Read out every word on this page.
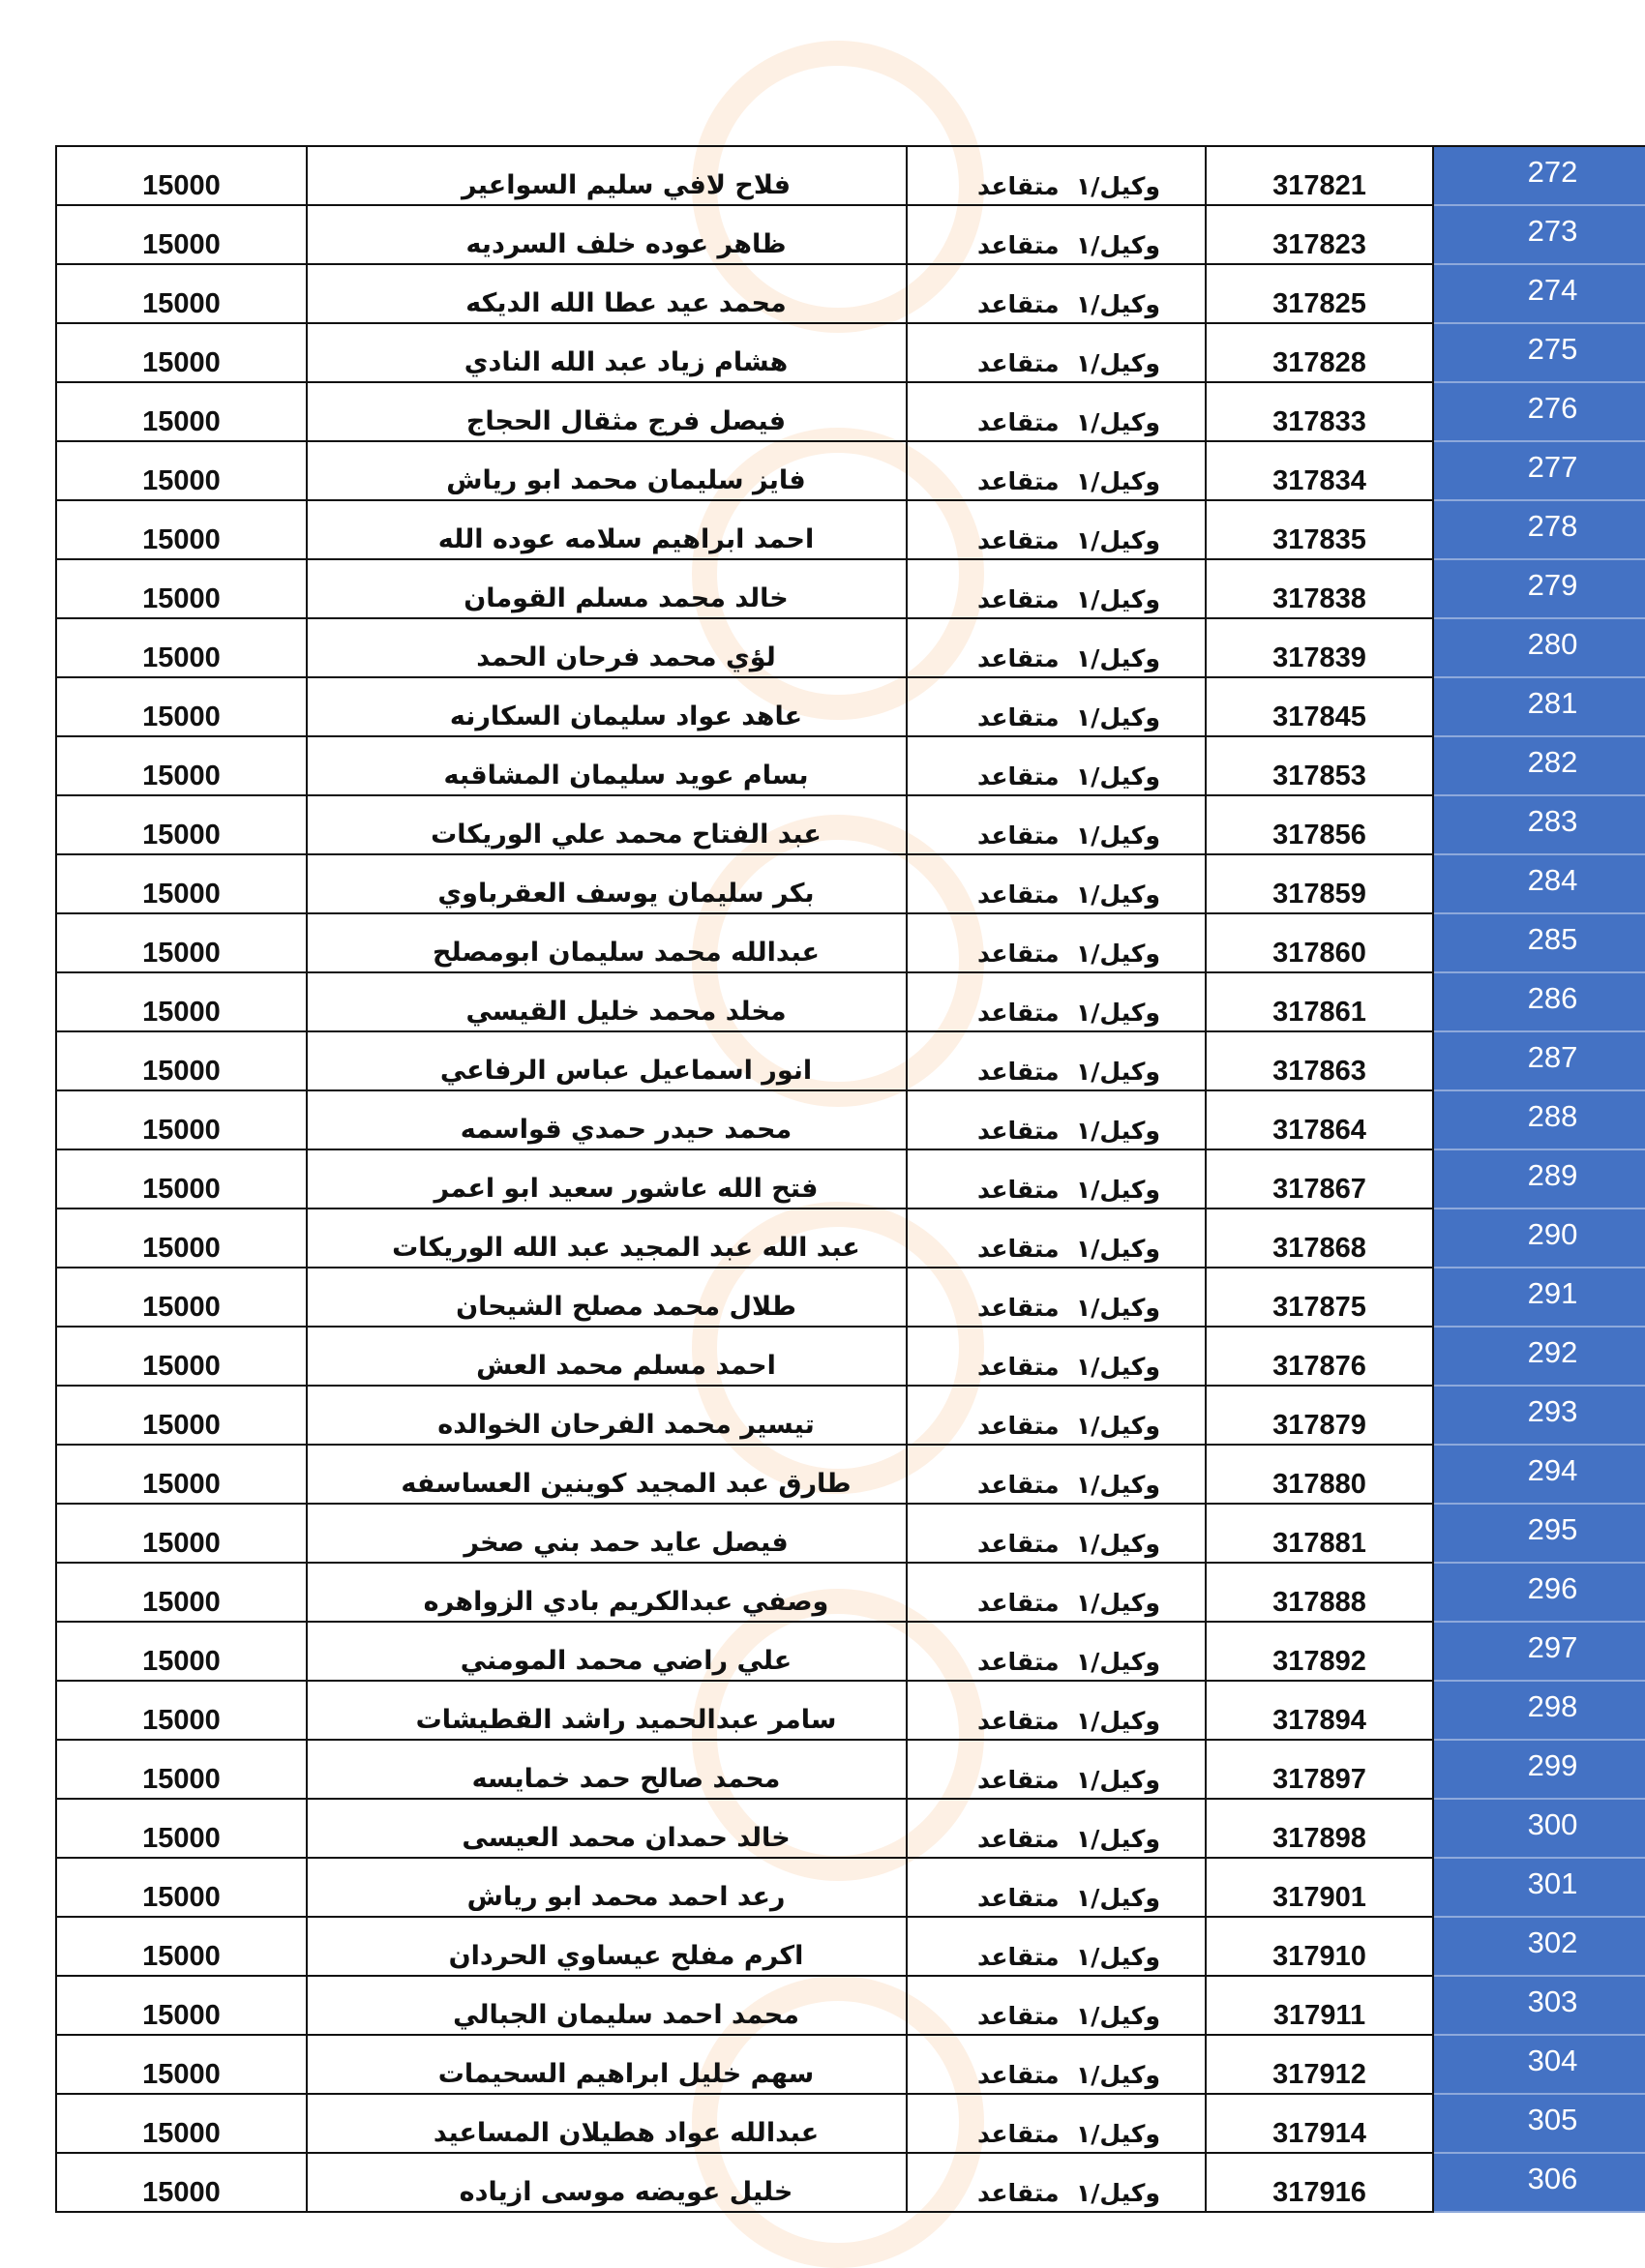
15000	فلاح لافي سليم السواعير	وكيل/١  متقاعد	317821	272
15000	ظاهر عوده خلف السرديه	وكيل/١  متقاعد	317823	273
15000	محمد عيد عطا الله الديكه	وكيل/١  متقاعد	317825	274
15000	هشام زياد عبد الله النادي	وكيل/١  متقاعد	317828	275
15000	فيصل فرج مثقال الحجاج	وكيل/١  متقاعد	317833	276
15000	فايز سليمان محمد ابو رياش	وكيل/١  متقاعد	317834	277
15000	احمد ابراهيم سلامه عوده الله	وكيل/١  متقاعد	317835	278
15000	خالد محمد مسلم القومان	وكيل/١  متقاعد	317838	279
15000	لؤي محمد فرحان الحمد	وكيل/١  متقاعد	317839	280
15000	عاهد عواد سليمان السكارنه	وكيل/١  متقاعد	317845	281
15000	بسام عويد سليمان المشاقبه	وكيل/١  متقاعد	317853	282
15000	عبد الفتاح محمد علي الوريكات	وكيل/١  متقاعد	317856	283
15000	بكر سليمان يوسف العقرباوي	وكيل/١  متقاعد	317859	284
15000	عبدالله محمد سليمان ابومصلح	وكيل/١  متقاعد	317860	285
15000	مخلد محمد خليل القيسي	وكيل/١  متقاعد	317861	286
15000	انور اسماعيل عباس الرفاعي	وكيل/١  متقاعد	317863	287
15000	محمد حيدر حمدي قواسمه	وكيل/١  متقاعد	317864	288
15000	فتح الله عاشور سعيد ابو اعمر	وكيل/١  متقاعد	317867	289
15000	عبد الله عبد المجيد عبد الله الوريكات	وكيل/١  متقاعد	317868	290
15000	طلال محمد مصلح الشيحان	وكيل/١  متقاعد	317875	291
15000	احمد مسلم محمد العش	وكيل/١  متقاعد	317876	292
15000	تيسير محمد الفرحان الخوالده	وكيل/١  متقاعد	317879	293
15000	طارق عبد المجيد كوينين العساسفه	وكيل/١  متقاعد	317880	294
15000	فيصل عايد حمد بني صخر	وكيل/١  متقاعد	317881	295
15000	وصفي عبدالكريم بادي الزواهره	وكيل/١  متقاعد	317888	296
15000	علي راضي محمد المومني	وكيل/١  متقاعد	317892	297
15000	سامر عبدالحميد راشد القطيشات	وكيل/١  متقاعد	317894	298
15000	محمد صالح حمد خمايسه	وكيل/١  متقاعد	317897	299
15000	خالد حمدان محمد العيسى	وكيل/١  متقاعد	317898	300
15000	رعد احمد محمد ابو رياش	وكيل/١  متقاعد	317901	301
15000	اكرم مفلح عيساوي الحردان	وكيل/١  متقاعد	317910	302
15000	محمد احمد سليمان الجبالي	وكيل/١  متقاعد	317911	303
15000	سهم خليل ابراهيم السحيمات	وكيل/١  متقاعد	317912	304
15000	عبدالله عواد هطيلان المساعيد	وكيل/١  متقاعد	317914	305
15000	خليل عويضه موسى ازياده	وكيل/١  متقاعد	317916	306
